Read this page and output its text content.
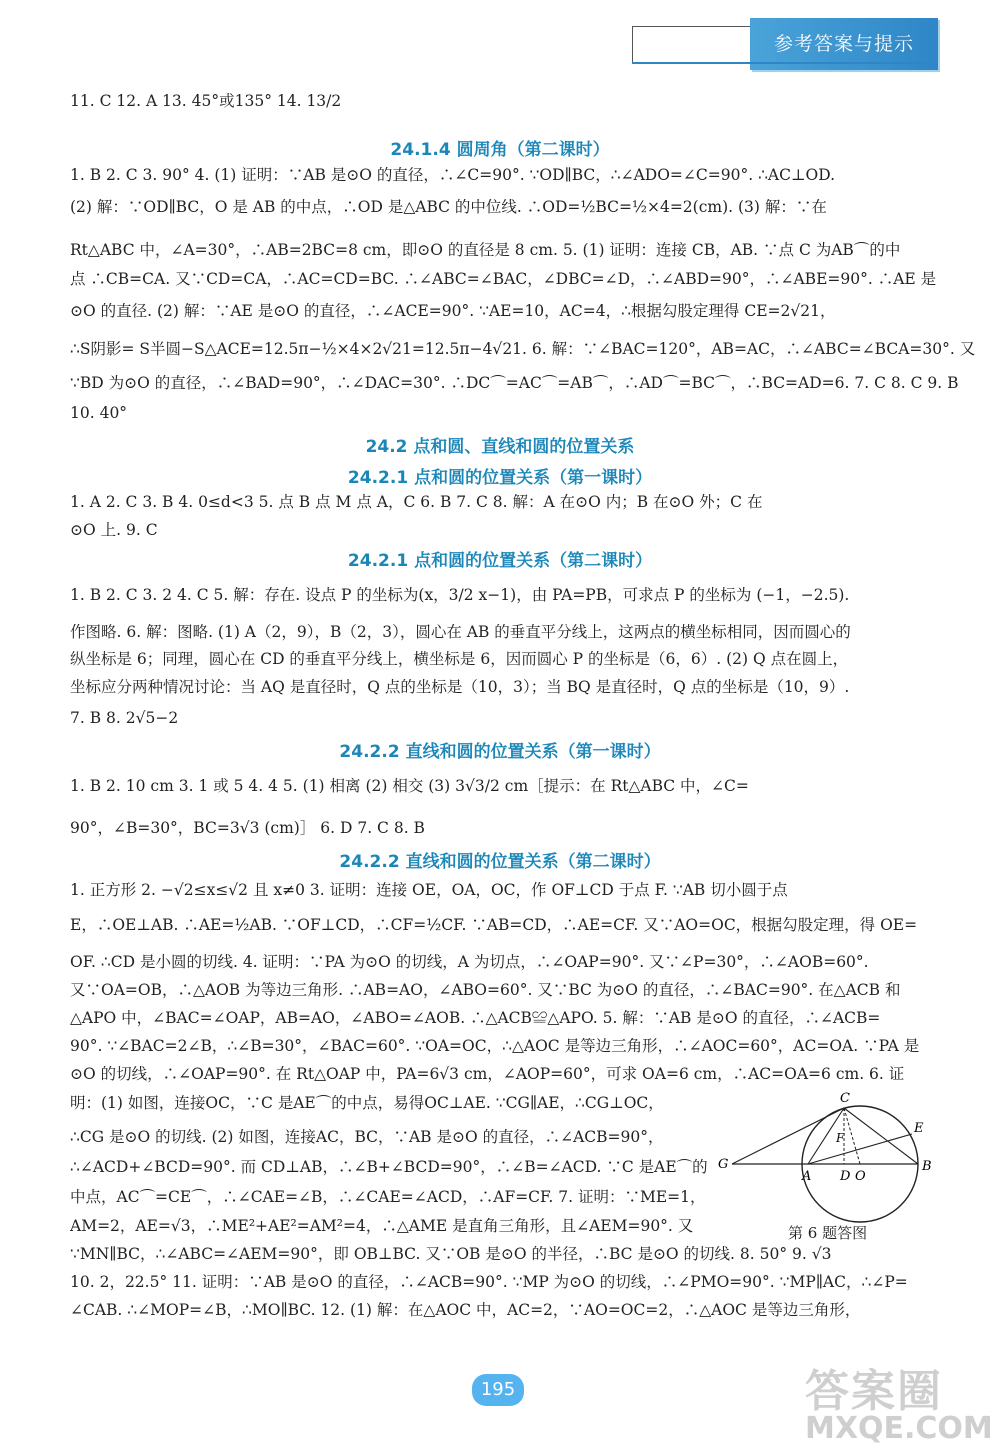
参考答案与提示
11. C 12. A 13. 45°或135° 14. 13/2
24.1.4 圆周角（第二课时）
1. B 2. C 3. 90° 4. (1) 证明：∵AB 是⊙O 的直径，∴∠C=90°. ∵OD∥BC，∴∠ADO=∠C=90°. ∴AC⊥OD.
(2) 解：∵OD∥BC，O 是 AB 的中点，∴OD 是△ABC 的中位线. ∴OD=½BC=½×4=2(cm). (3) 解：∵在
Rt△ABC 中，∠A=30°，∴AB=2BC=8 cm，即⊙O 的直径是 8 cm. 5. (1) 证明：连接 CB，AB. ∵点 C 为AB⌒的中
点 ∴CB=CA. 又∵CD=CA，∴AC=CD=BC. ∴∠ABC=∠BAC，∠DBC=∠D，∴∠ABD=90°，∴∠ABE=90°. ∴AE 是
⊙O 的直径. (2) 解：∵AE 是⊙O 的直径，∴∠ACE=90°. ∵AE=10，AC=4，∴根据勾股定理得 CE=2√21，
∴S阴影= S半圆−S△ACE=12.5π−½×4×2√21=12.5π−4√21. 6. 解：∵∠BAC=120°，AB=AC，∴∠ABC=∠BCA=30°. 又
∵BD 为⊙O 的直径，∴∠BAD=90°，∴∠DAC=30°. ∴DC⌒=AC⌒=AB⌒，∴AD⌒=BC⌒，∴BC=AD=6. 7. C 8. C 9. B
10. 40°
24.2 点和圆、直线和圆的位置关系
24.2.1 点和圆的位置关系（第一课时）
1. A 2. C 3. B 4. 0≤d<3 5. 点 B 点 M 点 A，C 6. B 7. C 8. 解：A 在⊙O 内；B 在⊙O 外；C 在
⊙O 上. 9. C
24.2.1 点和圆的位置关系（第二课时）
1. B 2. C 3. 2 4. C 5. 解：存在. 设点 P 的坐标为(x，3/2 x−1)，由 PA=PB，可求点 P 的坐标为 (−1，−2.5).
作图略. 6. 解：图略. (1) A（2，9），B（2，3），圆心在 AB 的垂直平分线上，这两点的横坐标相同，因而圆心的
纵坐标是 6；同理，圆心在 CD 的垂直平分线上，横坐标是 6，因而圆心 P 的坐标是（6，6）. (2) Q 点在圆上，
坐标应分两种情况讨论：当 AQ 是直径时，Q 点的坐标是（10，3）；当 BQ 是直径时，Q 点的坐标是（10，9）.
7. B 8. 2√5−2
24.2.2 直线和圆的位置关系（第一课时）
1. B 2. 10 cm 3. 1 或 5 4. 4 5. (1) 相离 (2) 相交 (3) 3√3/2 cm［提示：在 Rt△ABC 中，∠C=
90°，∠B=30°，BC=3√3 (cm)］ 6. D 7. C 8. B
24.2.2 直线和圆的位置关系（第二课时）
1. 正方形 2. −√2≤x≤√2 且 x≠0 3. 证明：连接 OE，OA，OC，作 OF⊥CD 于点 F. ∵AB 切小圆于点
E，∴OE⊥AB. ∴AE=½AB. ∵OF⊥CD，∴CF=½CF. ∵AB=CD，∴AE=CF. 又∵AO=OC，根据勾股定理，得 OE=
OF. ∴CD 是小圆的切线. 4. 证明：∵PA 为⊙O 的切线，A 为切点，∴∠OAP=90°. 又∵∠P=30°，∴∠AOB=60°.
又∵OA=OB，∴△AOB 为等边三角形. ∴AB=AO，∠ABO=60°. 又∵BC 为⊙O 的直径，∴∠BAC=90°. 在△ACB 和
△APO 中，∠BAC=∠OAP，AB=AO，∠ABO=∠AOB. ∴△ACB≌△APO. 5. 解：∵AB 是⊙O 的直径，∴∠ACB=
90°. ∵∠BAC=2∠B，∴∠B=30°，∠BAC=60°. ∵OA=OC，∴△AOC 是等边三角形，∴∠AOC=60°，AC=OA. ∵PA 是
⊙O 的切线，∴∠OAP=90°. 在 Rt△OAP 中，PA=6√3 cm，∠AOP=60°，可求 OA=6 cm，∴AC=OA=6 cm. 6. 证
明：(1) 如图，连接OC，∵C 是AE⌒的中点，易得OC⊥AE. ∵CG∥AE，∴CG⊥OC，
∴CG 是⊙O 的切线. (2) 如图，连接AC，BC，∵AB 是⊙O 的直径，∴∠ACB=90°，
∴∠ACD+∠BCD=90°. 而 CD⊥AB，∴∠B+∠BCD=90°，∴∠B=∠ACD. ∵C 是AE⌒的
中点，AC⌒=CE⌒，∴∠CAE=∠B，∴∠CAE=∠ACD，∴AF=CF. 7. 证明：∵ME=1，
AM=2，AE=√3，∴ME²+AE²=AM²=4，∴△AME 是直角三角形，且∠AEM=90°. 又
∵MN∥BC，∴∠ABC=∠AEM=90°，即 OB⊥BC. 又∵OB 是⊙O 的半径，∴BC 是⊙O 的切线. 8. 50° 9. √3
10. 2，22.5° 11. 证明：∵AB 是⊙O 的直径，∴∠ACB=90°. ∵MP 为⊙O 的切线，∴∠PMO=90°. ∵MP∥AC，∴∠P=
∠CAB. ∴∠MOP=∠B，∴MO∥BC. 12. (1) 解：在△AOC 中，AC=2，∵AO=OC=2，∴△AOC 是等边三角形，
C
E
F
G
A D O
B
第 6 题答图
195	答案圈
MXQE.COM
